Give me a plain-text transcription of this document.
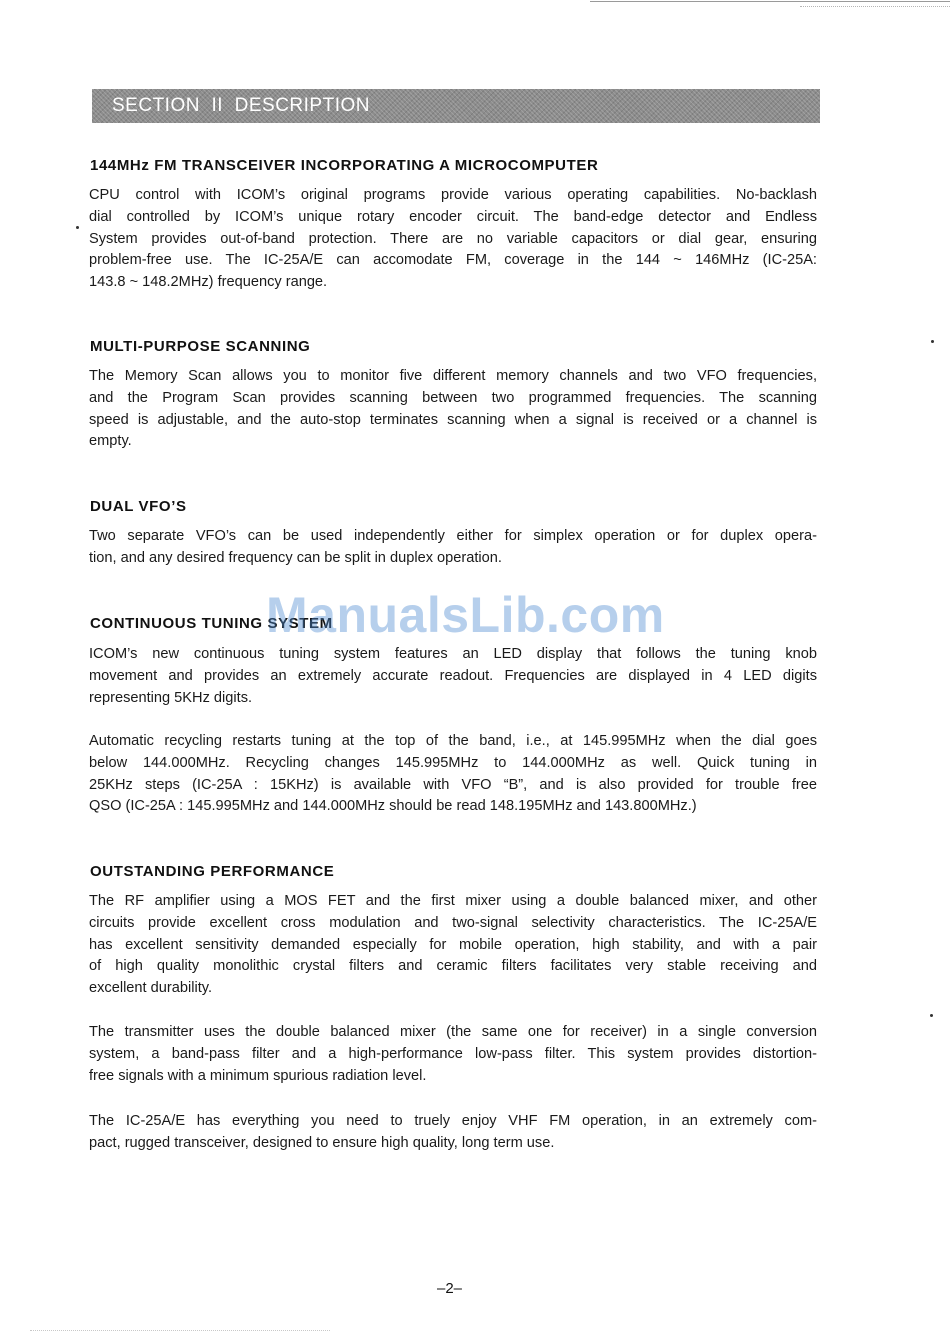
SECTION  II  DESCRIPTION
144MHz FM TRANSCEIVER INCORPORATING A MICROCOMPUTER
CPU control with ICOM’s original programs provide various operating capabilities. No-backlash
dial controlled by ICOM’s unique rotary encoder circuit. The band-edge detector and Endless
System provides out-of-band protection. There are no variable capacitors or dial gear, ensuring
problem-free use. The IC-25A/E can accomodate FM, coverage in the 144 ~ 146MHz (IC-25A:
143.8 ~ 148.2MHz) frequency range.
MULTI-PURPOSE SCANNING
The Memory Scan allows you to monitor five different memory channels and two VFO frequencies,
and the Program Scan provides scanning between two programmed frequencies. The scanning
speed is adjustable, and the auto-stop terminates scanning when a signal is received or a channel is
empty.
DUAL VFO’S
Two separate VFO’s can be used independently either for simplex operation or for duplex opera-
tion, and any desired frequency can be split in duplex operation.
CONTINUOUS TUNING SYSTEM
ICOM’s new continuous tuning system features an LED display that follows the tuning knob
movement and provides an extremely accurate readout. Frequencies are displayed in 4 LED digits
representing 5KHz digits.
Automatic recycling restarts tuning at the top of the band, i.e., at 145.995MHz when the dial goes
below 144.000MHz. Recycling changes 145.995MHz to 144.000MHz as well. Quick tuning in
25KHz steps (IC-25A : 15KHz) is available with VFO “B”, and is also provided for trouble free
QSO (IC-25A : 145.995MHz and 144.000MHz should be read 148.195MHz and 143.800MHz.)
OUTSTANDING PERFORMANCE
The RF amplifier using a MOS FET and the first mixer using a double balanced mixer, and other
circuits provide excellent cross modulation and two-signal selectivity characteristics. The IC-25A/E
has excellent sensitivity demanded especially for mobile operation, high stability, and with a pair
of high quality monolithic crystal filters and ceramic filters facilitates very stable receiving and
excellent durability.
The transmitter uses the double balanced mixer (the same one for receiver) in a single conversion
system, a band-pass filter and a high-performance low-pass filter. This system provides distortion-
free signals with a minimum spurious radiation level.
The IC-25A/E has everything you need to truely enjoy VHF FM operation, in an extremely com-
pact, rugged transceiver, designed to ensure high quality, long term use.
ManualsLib.com
–2–
